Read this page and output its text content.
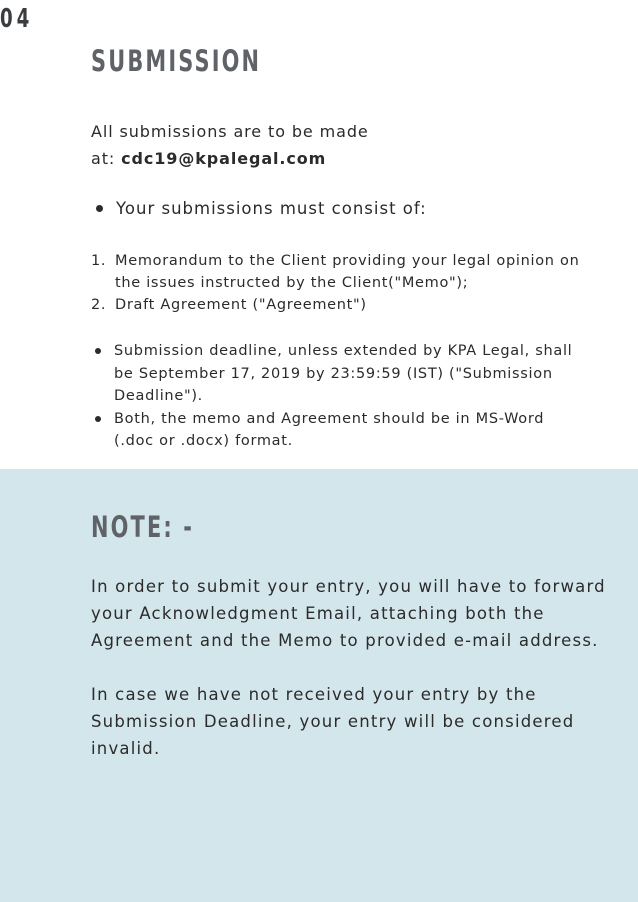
04
SUBMISSION
All submissions are to be made
at: cdc19@kpalegal.com
Your submissions must consist of:
1. Memorandum to the Client providing your legal opinion on the issues instructed by the Client("Memo");
2. Draft Agreement ("Agreement")
Submission deadline, unless extended by KPA Legal, shall be September 17, 2019 by 23:59:59 (IST) ("Submission Deadline").
Both, the memo and Agreement should be in MS-Word (.doc or .docx) format.
NOTE: -

In order to submit your entry, you will have to forward your Acknowledgment Email, attaching both the Agreement and the Memo to provided e-mail address.

In case we have not received your entry by the Submission Deadline, your entry will be considered invalid.
